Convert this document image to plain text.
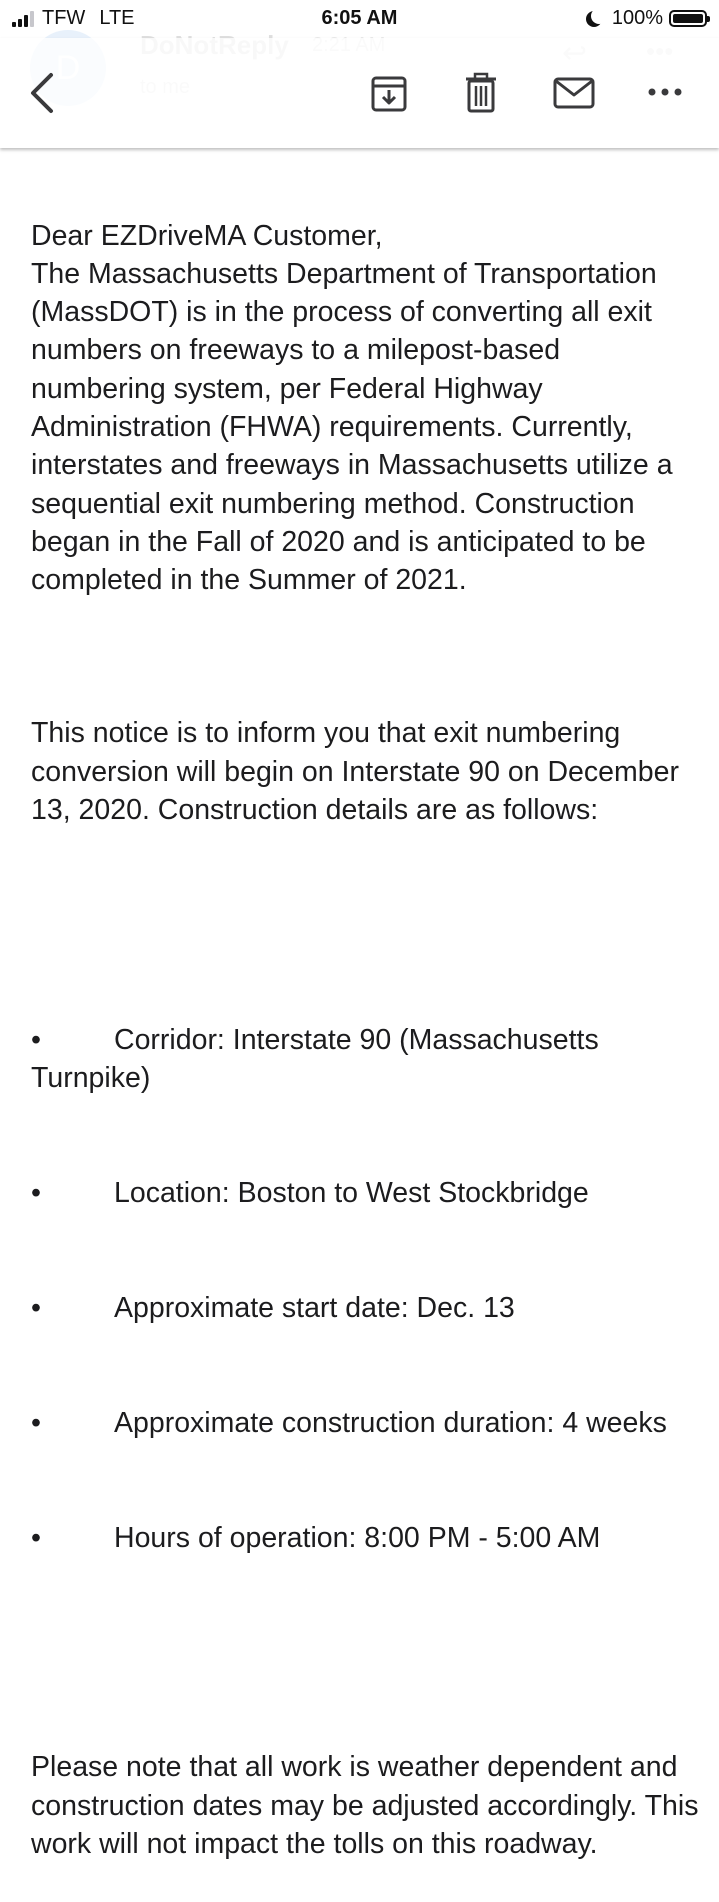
TFW LTE	6:05 AM	100%

Dear EZDriveMA Customer,
The Massachusetts Department of Transportation (MassDOT) is in the process of converting all exit numbers on freeways to a milepost-based numbering system, per Federal Highway Administration (FHWA) requirements. Currently, interstates and freeways in Massachusetts utilize a sequential exit numbering method. Construction began in the Fall of 2020 and is anticipated to be completed in the Summer of 2021.

This notice is to inform you that exit numbering conversion will begin on Interstate 90 on December 13, 2020. Construction details are as follows:

•	Corridor: Interstate 90 (Massachusetts Turnpike)

•	Location: Boston to West Stockbridge

•	Approximate start date: Dec. 13

•	Approximate construction duration: 4 weeks

•	Hours of operation: 8:00 PM - 5:00 AM

Please note that all work is weather dependent and construction dates may be adjusted accordingly. This work will not impact the tolls on this roadway.
